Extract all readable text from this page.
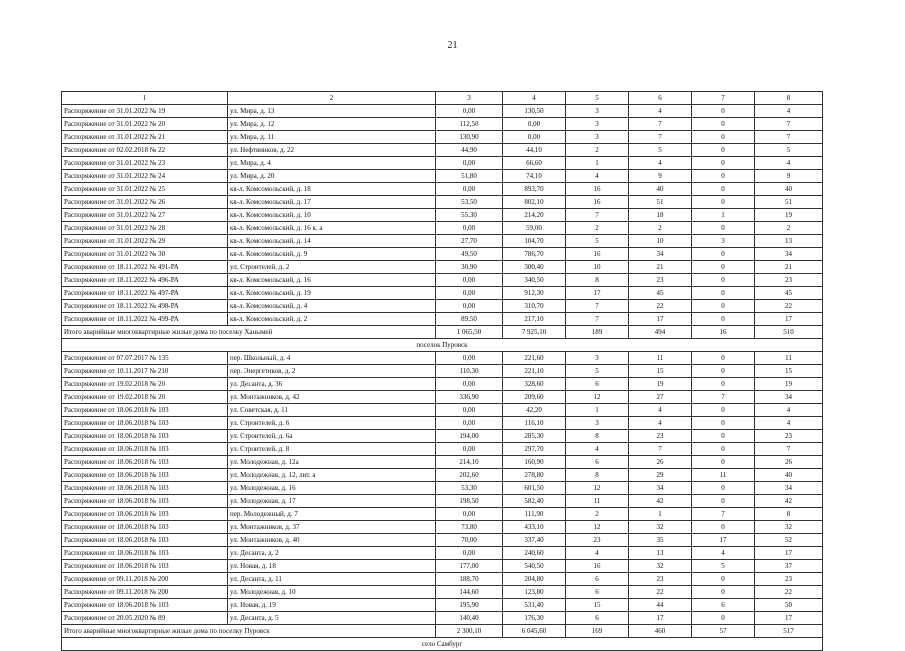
21
1	2	3	4	5	6	7	8
Распоряжение от 31.01.2022 № 19	ул. Мира, д. 13	0,00	130,50	3	4	0	4
Распоряжение от 31.01.2022 № 20	ул. Мира, д. 12	112,50	0,00	3	7	0	7
Распоряжение от 31.01.2022 № 21	ул. Мира, д. 11	130,90	0,00	3	7	0	7
Распоряжение от 02.02.2018 № 22	ул. Нефтяников, д. 22	44,90	44,10	2	5	0	5
Распоряжение от 31.01.2022 № 23	ул. Мира, д. 4	0,00	66,60	1	4	0	4
Распоряжение от 31.01.2022 № 24	ул. Мира, д. 20	51,80	74,10	4	9	0	9
Распоряжение от 31.01.2022 № 25	кв-л. Комсомольский, д. 18	0,00	893,70	16	40	0	40
Распоряжение от 31.01.2022 № 26	кв-л. Комсомольский, д. 17	53,50	802,10	16	51	0	51
Распоряжение от 31.01.2022 № 27	кв-л. Комсомольский, д. 10	55,30	214,20	7	18	1	19
Распоряжение от 31.01.2022 № 28	кв-л. Комсомольский, д. 16 к. а	0,00	59,00	2	2	0	2
Распоряжение от 31.01.2022 № 29	кв-л. Комсомольский, д. 14	27,70	104,70	5	10	3	13
Распоряжение от 31.01.2022 № 30	кв-л. Комсомольский, д. 9	49,50	786,70	16	34	0	34
Распоряжение от 18.11.2022 № 491-РА	ул. Строителей, д. 2	30,90	300,40	10	21	0	21
Распоряжение от 18.11.2022 № 496-РА	кв-л. Комсомольский, д. 16	0,00	340,50	8	23	0	23
Распоряжение от 18.11.2022 № 497-РА	кв-л. Комсомольский, д. 19	0,00	912,30	17	45	0	45
Распоряжение от 18.11.2022 № 498-РА	кв-л. Комсомольский, д. 4	0,00	310,70	7	22	0	22
Распоряжение от 18.11.2022 № 499-РА	кв-л. Комсомольский, д. 2	89,50	217,10	7	17	0	17
Итого аварийные многоквартирные жилые дома по поселку Ханымей		1 065,50	7 925,10	189	494	16	510
поселок Пуровск							
Распоряжение от 07.07.2017 № 135	пер. Школьный, д. 4	0,00	221,60	3	11	0	11
Распоряжение от 10.11.2017 № 210	пер. Энергетиков, д. 2	110,30	221,10	5	15	0	15
Распоряжение от 19.02.2018 № 20	ул. Десанта, д. 36	0,00	328,60	6	19	0	19
Распоряжение от 19.02.2018 № 20	ул. Монтажников, д. 42	336,90	209,60	12	27	7	34
Распоряжение от 18.06.2018 № 103	ул. Советская, д. 11	0,00	42,20	1	4	0	4
Распоряжение от 18.06.2018 № 103	ул. Строителей, д. 6	0,00	116,10	3	4	0	4
Распоряжение от 18.06.2018 № 103	ул. Строителей, д. 6а	194,00	285,30	8	23	0	23
Распоряжение от 18.06.2018 № 103	ул. Строителей, д. 8	0,00	297,70	4	7	0	7
Распоряжение от 18.06.2018 № 103	ул. Молодежная, д. 12а	214,10	160,90	6	26	0	26
Распоряжение от 18.06.2018 № 103	ул. Молодежная, д. 12, лит. а	202,60	278,80	8	29	11	40
Распоряжение от 18.06.2018 № 103	ул. Молодежная, д. 16	53,30	601,50	12	34	0	34
Распоряжение от 18.06.2018 № 103	ул. Молодежная, д. 17	198,50	582,40	11	42	0	42
Распоряжение от 18.06.2018 № 103	пер. Молодежный, д. 7	0,00	111,90	2	1	7	8
Распоряжение от 18.06.2018 № 103	ул. Монтажников, д. 37	73,80	433,10	12	32	0	32
Распоряжение от 18.06.2018 № 103	ул. Монтажников, д. 40	70,00	337,40	23	35	17	52
Распоряжение от 18.06.2018 № 103	ул. Десанта, д. 2	0,00	240,60	4	13	4	17
Распоряжение от 18.06.2018 № 103	ул. Новая, д. 18	177,00	540,50	16	32	5	37
Распоряжение от 09.11.2018 № 200	ул. Десанта, д. 11	188,70	204,80	6	23	0	23
Распоряжение от 09.11.2018 № 200	ул. Молодежная, д. 10	144,60	123,80	6	22	0	22
Распоряжение от 18.06.2018 № 103	ул. Новая, д. 19	195,90	531,40	15	44	6	50
Распоряжение от 20.05.2020 № 89	ул. Десанта, д. 5	140,40	176,30	6	17	0	17
Итого аварийные многоквартирные жилые дома по поселку Пуровск		2 300,10	6 045,60	169	460	57	517
село Самбург							
